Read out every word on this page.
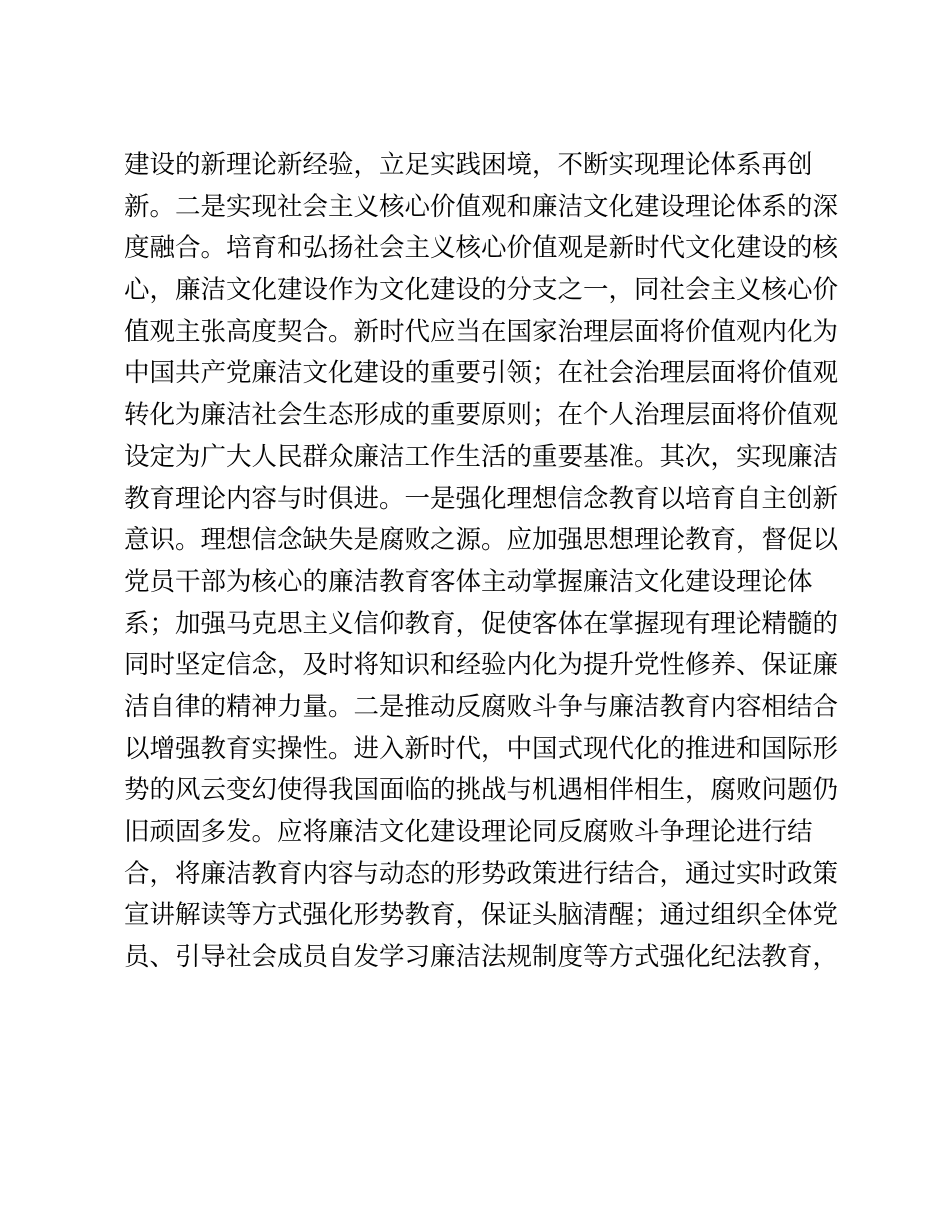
建设的新理论新经验，立足实践困境，不断实现理论体系再创
新。二是实现社会主义核心价值观和廉洁文化建设理论体系的深
度融合。培育和弘扬社会主义核心价值观是新时代文化建设的核
心，廉洁文化建设作为文化建设的分支之一，同社会主义核心价
值观主张高度契合。新时代应当在国家治理层面将价值观内化为
中国共产党廉洁文化建设的重要引领；在社会治理层面将价值观
转化为廉洁社会生态形成的重要原则；在个人治理层面将价值观
设定为广大人民群众廉洁工作生活的重要基准。其次，实现廉洁
教育理论内容与时俱进。一是强化理想信念教育以培育自主创新
意识。理想信念缺失是腐败之源。应加强思想理论教育，督促以
党员干部为核心的廉洁教育客体主动掌握廉洁文化建设理论体
系；加强马克思主义信仰教育，促使客体在掌握现有理论精髓的
同时坚定信念，及时将知识和经验内化为提升党性修养、保证廉
洁自律的精神力量。二是推动反腐败斗争与廉洁教育内容相结合
以增强教育实操性。进入新时代，中国式现代化的推进和国际形
势的风云变幻使得我国面临的挑战与机遇相伴相生，腐败问题仍
旧顽固多发。应将廉洁文化建设理论同反腐败斗争理论进行结
合，将廉洁教育内容与动态的形势政策进行结合，通过实时政策
宣讲解读等方式强化形势教育，保证头脑清醒；通过组织全体党
员、引导社会成员自发学习廉洁法规制度等方式强化纪法教育，
